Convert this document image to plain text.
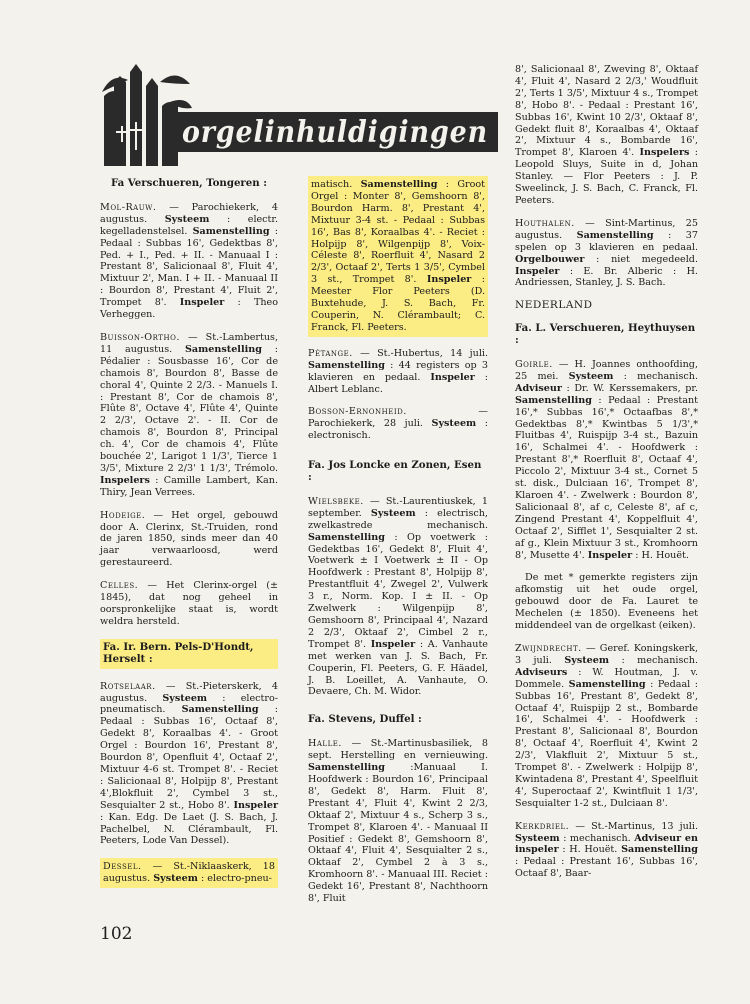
orgelinhuldigingen

Fa Verschueren, Tongeren :

Mol-Rauw. — Parochiekerk, 4 augustus. Systeem : electr. kegelladenstelsel. Samenstelling : Pedaal : Subbas 16', Gedektbas 8', Ped. + I., Ped. + II. - Manuaal I : Prestant 8', Salicionaal 8', Fluit 4', Mixtuur 2', Man. I + II. - Manuaal II : Bourdon 8', Prestant 4', Fluit 2', Trompet 8'. Inspeler : Theo Verheggen.

Buisson-Ortho. — St.-Lambertus, 11 augustus. Samenstelling : Pédalier : Sousbasse 16', Cor de chamois 8', Bourdon 8', Basse de choral 4', Quinte 2 2/3. - Manuels I. : Prestant 8', Cor de chamois 8', Flûte 8', Octave 4', Flûte 4', Quinte 2 2/3', Octave 2'. - II. Cor de chamois 8', Bourdon 8', Principal ch. 4', Cor de chamois 4', Flûte bouchée 2', Larigot 1 1/3', Tierce 1 3/5', Mixture 2 2/3' 1 1/3', Trémolo. Inspelers : Camille Lambert, Kan. Thiry, Jean Verrees.

Hodeige. — Het orgel, gebouwd door A. Clerinx, St.-Truiden, rond de jaren 1850, sinds meer dan 40 jaar verwaarloosd, werd gerestaureerd.

Celles. — Het Clerinx-orgel (± 1845), dat nog geheel in oorspronkelijke staat is, wordt weldra hersteld.

Fa. Ir. Bern. Pels-D'Hondt, Herselt :

Rotselaar. — St.-Pieterskerk, 4 augustus. Systeem : electro-pneumatisch. Samenstelling : Pedaal : Subbas 16', Octaaf 8', Gedekt 8', Koraalbas 4'. - Groot Orgel : Bourdon 16', Prestant 8', Bourdon 8', Openfluit 4', Octaaf 2', Mixtuur 4-6 st. Trompet 8'. - Reciet : Salicionaal 8', Holpijp 8', Prestant 4',Blokfluit 2', Cymbel 3 st., Sesquialter 2 st., Hobo 8'. Inspeler : Kan. Edg. De Laet (J. S. Bach, J. Pachelbel, N. Clérambault, Fl. Peeters, Lode Van Dessel).

Dessel. — St.-Niklaaskerk, 18 augustus. Systeem : electro-pneu-

matisch. Samenstelling : Groot Orgel : Monter 8', Gemshoorn 8', Bourdon Harm. 8', Prestant 4', Mixtuur 3-4 st. - Pedaal : Subbas 16', Bas 8', Koraalbas 4'. - Reciet : Holpijp 8', Wilgenpijp 8', Voix-Céleste 8', Roerfluit 4', Nasard 2 2/3', Octaaf 2', Terts 1 3/5', Cymbel 3 st., Trompet 8'. Inspeler : Meester Flor Peeters (D. Buxtehude, J. S. Bach, Fr. Couperin, N. Clérambault; C. Franck, Fl. Peeters.

Pétange. — St.-Hubertus, 14 juli. Samenstelling : 44 registers op 3 klavieren en pedaal. Inspeler : Albert Leblanc.

Bosson-Ernonheid. — Parochiekerk, 28 juli. Systeem : electronisch.

Fa. Jos Loncke en Zonen, Esen :

Wielsbeke. — St.-Laurentiuskek, 1 september. Systeem : electrisch, zwelkastrede mechanisch. Samenstelling : Op voetwerk : Gedektbas 16', Gedekt 8', Fluit 4', Voetwerk ± I Voetwerk ± II - Op Hoofdwerk : Prestant 8', Holpijp 8', Prestantfluit 4', Zwegel 2', Vulwerk 3 r., Norm. Kop. I ± II. - Op Zwelwerk : Wilgenpijp 8', Gemshoorn 8', Principaal 4', Nazard 2 2/3', Oktaaf 2', Cimbel 2 r., Trompet 8'. Inspeler : A. Vanhaute met werken van J. S. Bach, Fr. Couperin, Fl. Peeters, G. F. Häadel, J. B. Loeillet, A. Vanhaute, O. Devaere, Ch. M. Widor.

Fa. Stevens, Duffel :

Halle. — St.-Martinusbasiliek, 8 sept. Herstelling en vernieuwing. Samenstelling :Manuaal I. Hoofdwerk : Bourdon 16', Principaal 8', Gedekt 8', Harm. Fluit 8', Prestant 4', Fluit 4', Kwint 2 2/3, Oktaaf 2', Mixtuur 4 s., Scherp 3 s., Trompet 8', Klaroen 4'. - Manuaal II Positief : Gedekt 8', Gemshoorn 8', Oktaaf 4', Fluit 4', Sesquialter 2 s., Oktaaf 2', Cymbel 2 à 3 s., Kromhoorn 8'. - Manuaal III. Reciet : Gedekt 16', Prestant 8', Nachthoorn 8', Fluit

8', Salicionaal 8', Zweving 8', Oktaaf 4', Fluit 4', Nasard 2 2/3,' Woudfluit 2', Terts 1 3/5', Mixtuur 4 s., Trompet 8', Hobo 8'. - Pedaal : Prestant 16', Subbas 16', Kwint 10 2/3', Oktaaf 8', Gedekt fluit 8', Koraalbas 4', Oktaaf 2', Mixtuur 4 s., Bombarde 16', Trompet 8', Klaroen 4'. Inspelers : Leopold Sluys, Suite in d, Johan Stanley. — Flor Peeters : J. P. Sweelinck, J. S. Bach, C. Franck, Fl. Peeters.

Houthalen. — Sint-Martinus, 25 augustus. Samenstelling : 37 spelen op 3 klavieren en pedaal. Orgelbouwer : niet megedeeld. Inspeler : E. Br. Alberic : H. Andriessen, Stanley, J. S. Bach.

NEDERLAND

Fa. L. Verschueren, Heythuysen :

Goirle. — H. Joannes onthoofding, 25 mei. Systeem : mechanisch. Adviseur : Dr. W. Kerssemakers, pr. Samenstelling : Pedaal : Prestant 16',* Subbas 16',* Octaafbas 8',* Gedektbas 8',* Kwintbas 5 1/3',* Fluitbas 4', Ruispijp 3-4 st., Bazuin 16', Schalmei 4'. - Hoofdwerk : Prestant 8',* Roerfluit 8', Octaaf 4', Piccolo 2', Mixtuur 3-4 st., Cornet 5 st. disk., Dulciaan 16', Trompet 8', Klaroen 4'. - Zwelwerk : Bourdon 8', Salicionaal 8', af c, Celeste 8', af c, Zingend Prestant 4', Koppelfluit 4', Octaaf 2', Sifflet 1', Sesquialter 2 st. af g., Klein Mixtuur 3 st., Kromhoorn 8', Musette 4'. Inspeler : H. Houët.

De met * gemerkte registers zijn afkomstig uit het oude orgel, gebouwd door de Fa. Lauret te Mechelen (± 1850). Eveneens het middendeel van de orgelkast (eiken).

Zwijndrecht. — Geref. Koningskerk, 3 juli. Systeem : mechanisch. Adviseurs : W. Houtman, J. v. Dommele. Samenstelling : Pedaal : Subbas 16', Prestant 8', Gedekt 8', Octaaf 4', Ruispijp 2 st., Bombarde 16', Schalmei 4'. - Hoofdwerk : Prestant 8', Salicionaal 8', Bourdon 8', Octaaf 4', Roerfluit 4', Kwint 2 2/3', Vlakfluit 2', Mixtuur 5 st., Trompet 8'. - Zwelwerk : Holpijp 8', Kwintadena 8', Prestant 4', Speelfluit 4', Superoctaaf 2', Kwintfluit 1 1/3', Sesquialter 1-2 st., Dulciaan 8'.

Kerkdriel. — St.-Martinus, 13 juli. Systeem : mechanisch. Adviseur en inspeler : H. Houët. Samenstelling : Pedaal : Prestant 16', Subbas 16', Octaaf 8', Baar-

102
